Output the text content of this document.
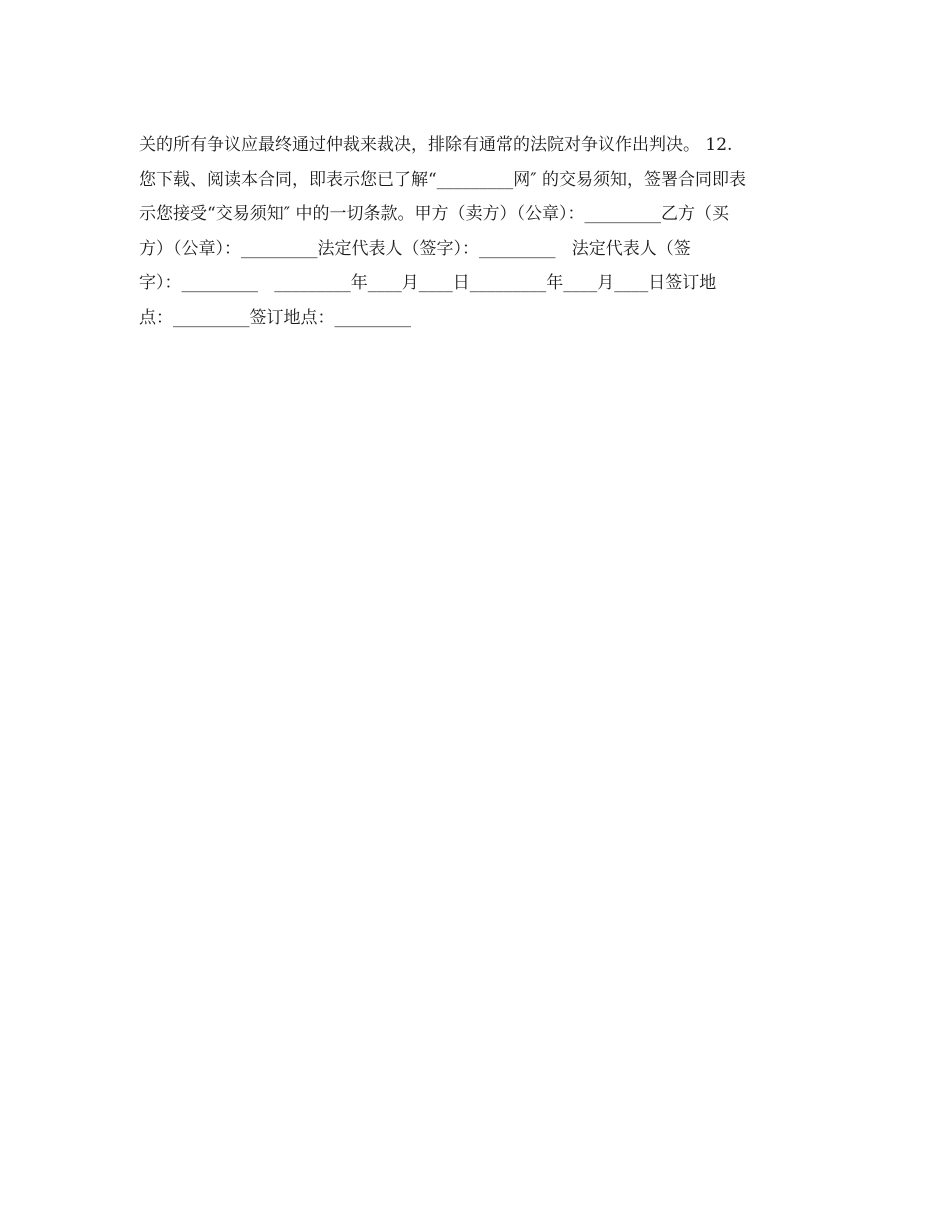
关的所有争议应最终通过仲裁来裁决，排除有通常的法院对争议作出判决。 12.
您下载、阅读本合同，即表示您已了解“_________网″ 的交易须知，签署合同即表
示您接受“交易须知″ 中的一切条款。甲方（卖方）（公章）：_________乙方（买
方）（公章）：_________法定代表人（签字）：_________   法定代表人（签
字）：_________   _________年____月____日_________年____月____日签订地
点：_________签订地点：_________
